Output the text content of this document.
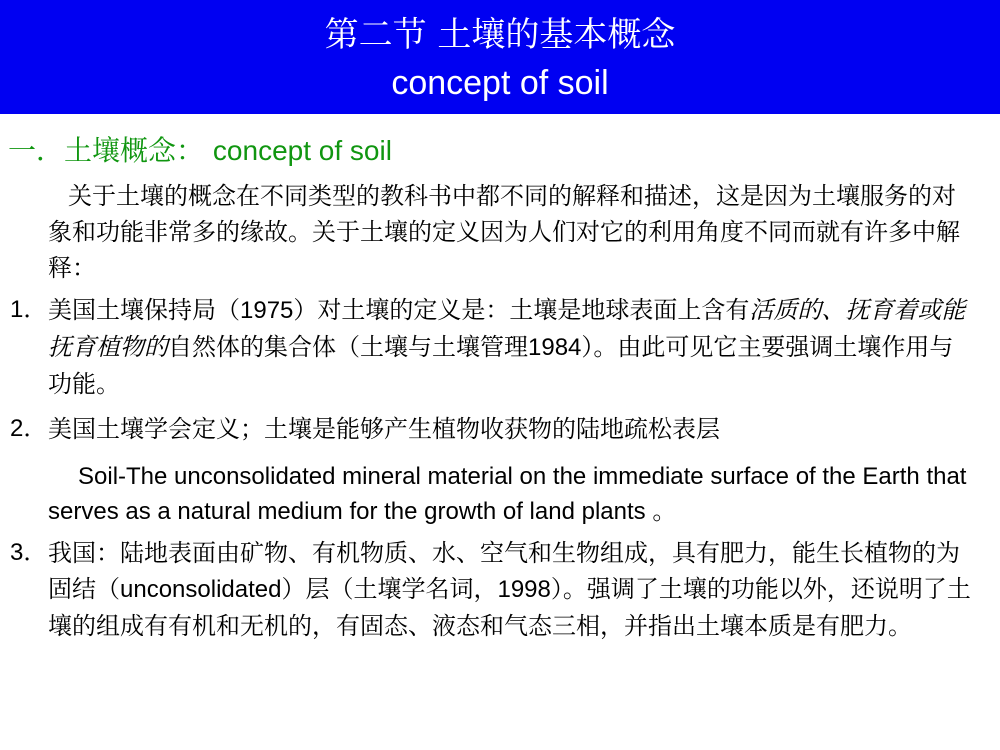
第二节 土壤的基本概念
concept of soil
一．土壤概念： concept of soil

关于土壤的概念在不同类型的教科书中都不同的解释和描述，这是因为土壤服务的对象和功能非常多的缘故。关于土壤的定义因为人们对它的利用角度不同而就有许多中解释：

1． 美国土壤保持局（1975）对土壤的定义是：土壤是地球表面上含有活质的、抚育着或能抚育植物的自然体的集合体（土壤与土壤管理1984）。由此可见它主要强调土壤作用与功能。
2． 美国土壤学会定义；土壤是能够产生植物收获物的陆地疏松表层

Soil-The unconsolidated mineral material on the immediate surface of the Earth that serves as a natural medium for the growth of land plants 。

3． 我国：陆地表面由矿物、有机物质、水、空气和生物组成，具有肥力，能生长植物的为固结（unconsolidated）层（土壤学名词，1998）。强调了土壤的功能以外，还说明了土壤的组成有有机和无机的，有固态、液态和气态三相，并指出土壤本质是有肥力。
